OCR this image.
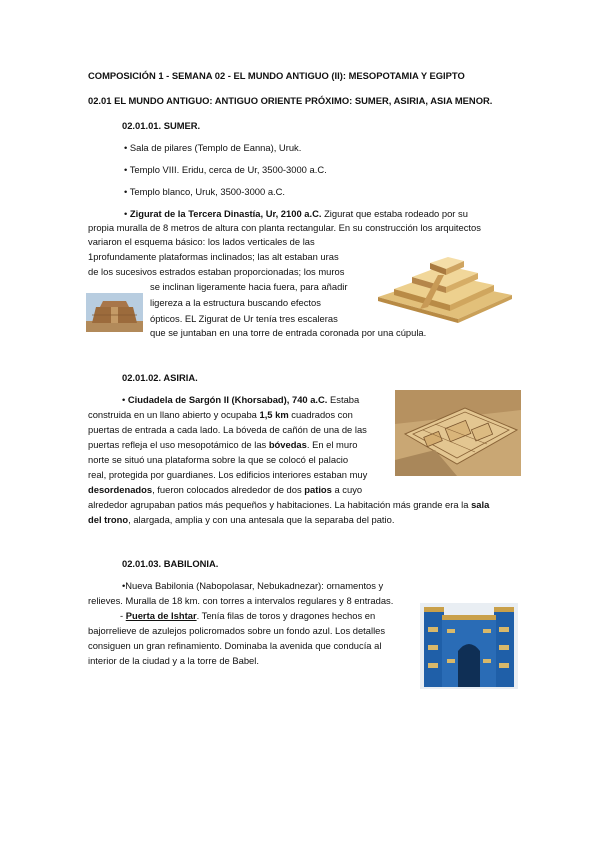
COMPOSICIÓN 1 - SEMANA 02 - EL MUNDO ANTIGUO (II): MESOPOTAMIA Y EGIPTO
02.01 EL MUNDO ANTIGUO: ANTIGUO ORIENTE PRÓXIMO: SUMER, ASIRIA, ASIA MENOR.
02.01.01. SUMER.
• Sala de pilares (Templo de Eanna), Uruk.
• Templo VIII. Eridu, cerca de Ur, 3500-3000 a.C.
• Templo blanco, Uruk, 3500-3000 a.C.
• Zigurat de la Tercera Dinastía, Ur, 2100 a.C. Zigurat que estaba rodeado por su
propia muralla de 8 metros de altura con planta rectangular. En su construcción los arquitectos
variaron el esquema básico: los lados verticales de las
1profundamente plataformas inclinados; las alt estaban uras
de los sucesivos estrados estaban proporcionadas; los muros
se inclinan ligeramente hacia fuera, para añadir
ligereza a la estructura buscando efectos
ópticos. EL Zigurat de Ur tenía tres escaleras
que se juntaban en una torre de entrada coronada por una cúpula.
02.01.02. ASIRIA.
• Ciudadela de Sargón II (Khorsabad), 740 a.C. Estaba
construida en un llano abierto y ocupaba 1,5 km cuadrados con
puertas de entrada a cada lado. La bóveda de cañón de una de las
puertas refleja el uso mesopotámico de las bóvedas. En el muro
norte se situó una plataforma sobre la que se colocó el palacio
real, protegida por guardianes. Los edificios interiores estaban muy
desordenados, fueron colocados alrededor de dos patios a cuyo
alrededor agrupaban patios más pequeños y habitaciones. La habitación más grande era la sala
del trono, alargada, amplia y con una antesala que la separaba del patio.
02.01.03. BABILONIA.
•Nueva Babilonia (Nabopolasar, Nebukadnezar): ornamentos y
relieves. Muralla de 18 km. con torres a intervalos regulares y 8 entradas.
- Puerta de Ishtar. Tenía filas de toros y dragones hechos en
bajorrelieve de azulejos policromados sobre un fondo azul. Los detalles
consiguen un gran refinamiento. Dominaba la avenida que conducía al
interior de la ciudad y a la torre de Babel.
